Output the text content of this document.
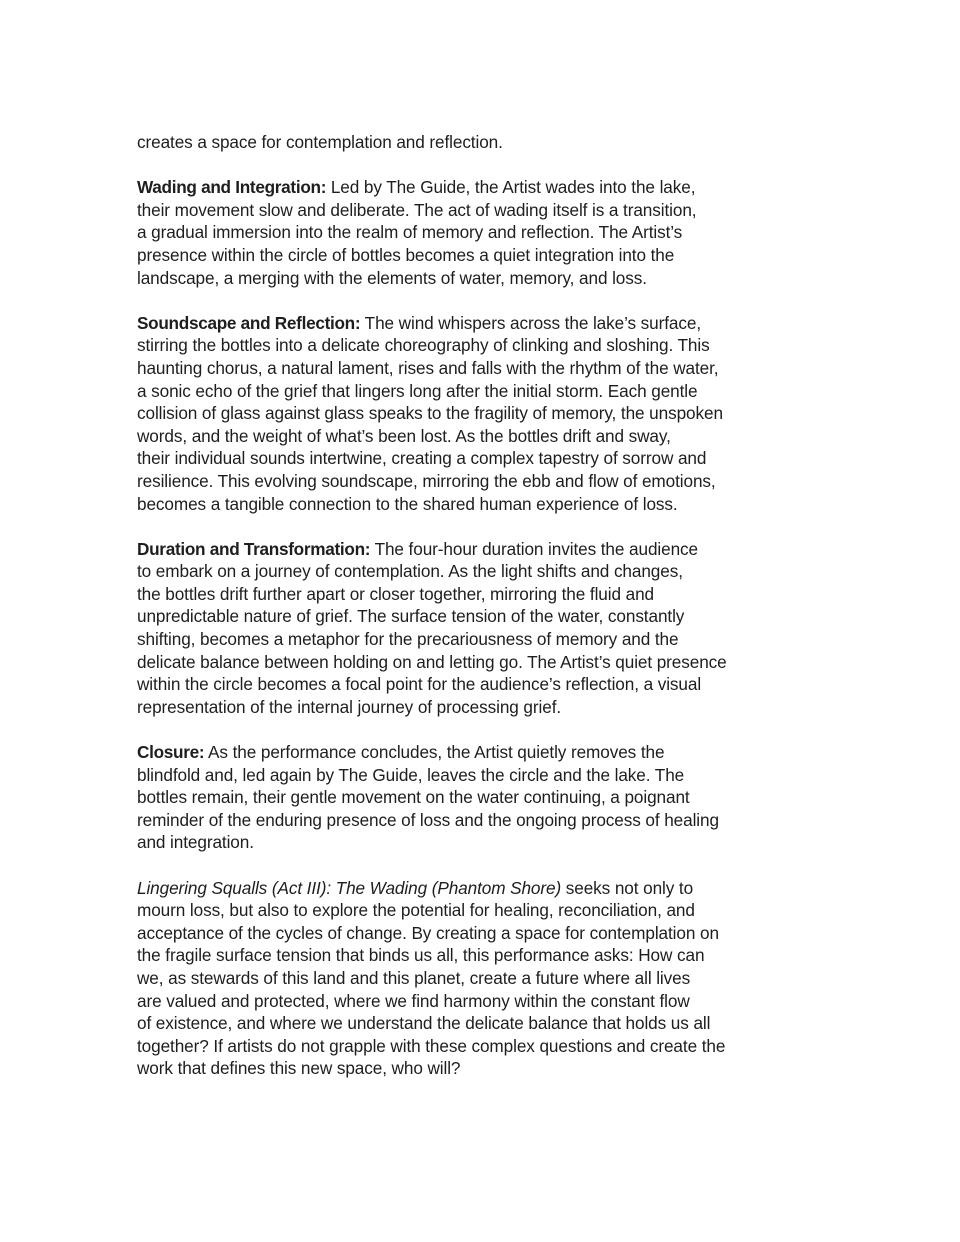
creates a space for contemplation and reflection.

Wading and Integration: Led by The Guide, the Artist wades into the lake,
their movement slow and deliberate. The act of wading itself is a transition,
a gradual immersion into the realm of memory and reflection. The Artist’s
presence within the circle of bottles becomes a quiet integration into the
landscape, a merging with the elements of water, memory, and loss.

Soundscape and Reflection: The wind whispers across the lake’s surface,
stirring the bottles into a delicate choreography of clinking and sloshing. This
haunting chorus, a natural lament, rises and falls with the rhythm of the water,
a sonic echo of the grief that lingers long after the initial storm. Each gentle
collision of glass against glass speaks to the fragility of memory, the unspoken
words, and the weight of what’s been lost. As the bottles drift and sway,
their individual sounds intertwine, creating a complex tapestry of sorrow and
resilience. This evolving soundscape, mirroring the ebb and flow of emotions,
becomes a tangible connection to the shared human experience of loss.

Duration and Transformation: The four-hour duration invites the audience
to embark on a journey of contemplation. As the light shifts and changes,
the bottles drift further apart or closer together, mirroring the fluid and
unpredictable nature of grief. The surface tension of the water, constantly
shifting, becomes a metaphor for the precariousness of memory and the
delicate balance between holding on and letting go. The Artist’s quiet presence
within the circle becomes a focal point for the audience’s reflection, a visual
representation of the internal journey of processing grief.

Closure: As the performance concludes, the Artist quietly removes the
blindfold and, led again by The Guide, leaves the circle and the lake. The
bottles remain, their gentle movement on the water continuing, a poignant
reminder of the enduring presence of loss and the ongoing process of healing
and integration.

Lingering Squalls (Act III): The Wading (Phantom Shore) seeks not only to
mourn loss, but also to explore the potential for healing, reconciliation, and
acceptance of the cycles of change. By creating a space for contemplation on
the fragile surface tension that binds us all, this performance asks: How can
we, as stewards of this land and this planet, create a future where all lives
are valued and protected, where we find harmony within the constant flow
of existence, and where we understand the delicate balance that holds us all
together? If artists do not grapple with these complex questions and create the
work that defines this new space, who will?
